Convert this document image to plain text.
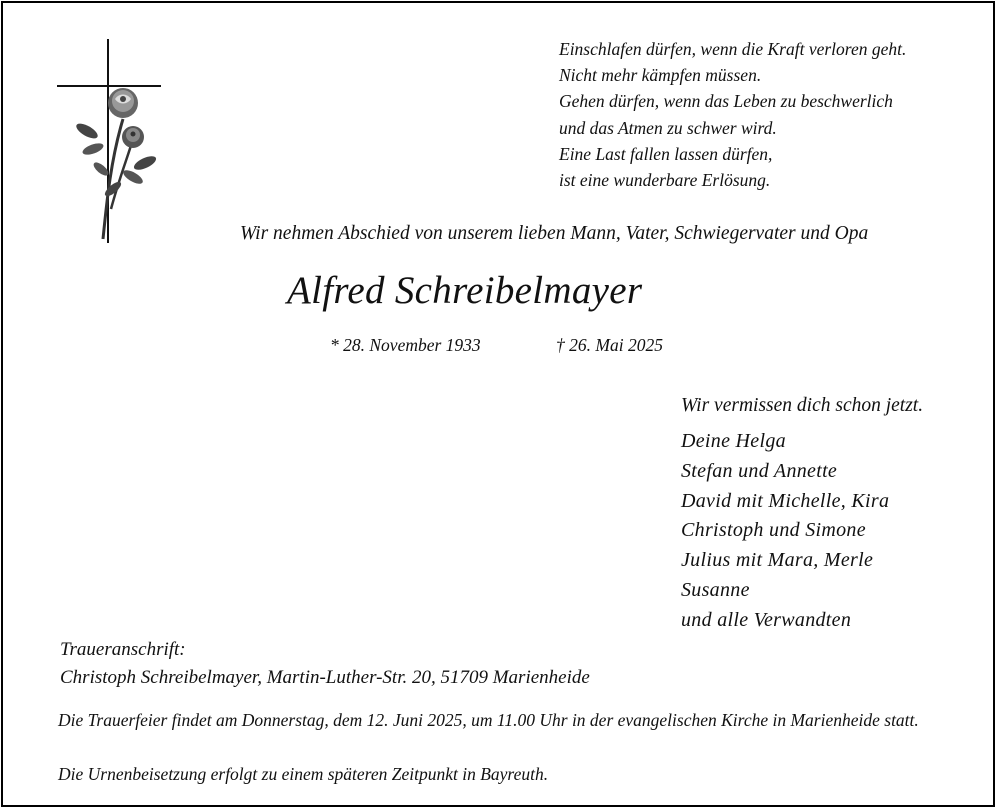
Einschlafen dürfen, wenn die Kraft verloren geht.
Nicht mehr kämpfen müssen.
Gehen dürfen, wenn das Leben zu beschwerlich
und das Atmen zu schwer wird.
Eine Last fallen lassen dürfen,
ist eine wunderbare Erlösung.
Wir nehmen Abschied von unserem lieben Mann, Vater, Schwiegervater und Opa
Alfred Schreibelmayer
* 28. November 1933	† 26. Mai 2025
Wir vermissen dich schon jetzt.
Deine Helga
Stefan und Annette
David mit Michelle, Kira
Christoph und Simone
Julius mit Mara, Merle
Susanne
und alle Verwandten
Traueranschrift:
Christoph Schreibelmayer, Martin-Luther-Str. 20, 51709 Marienheide
Die Trauerfeier findet am Donnerstag, dem 12. Juni 2025, um 11.00 Uhr in der evangelischen Kirche in Marienheide statt.
Die Urnenbeisetzung erfolgt zu einem späteren Zeitpunkt in Bayreuth.
